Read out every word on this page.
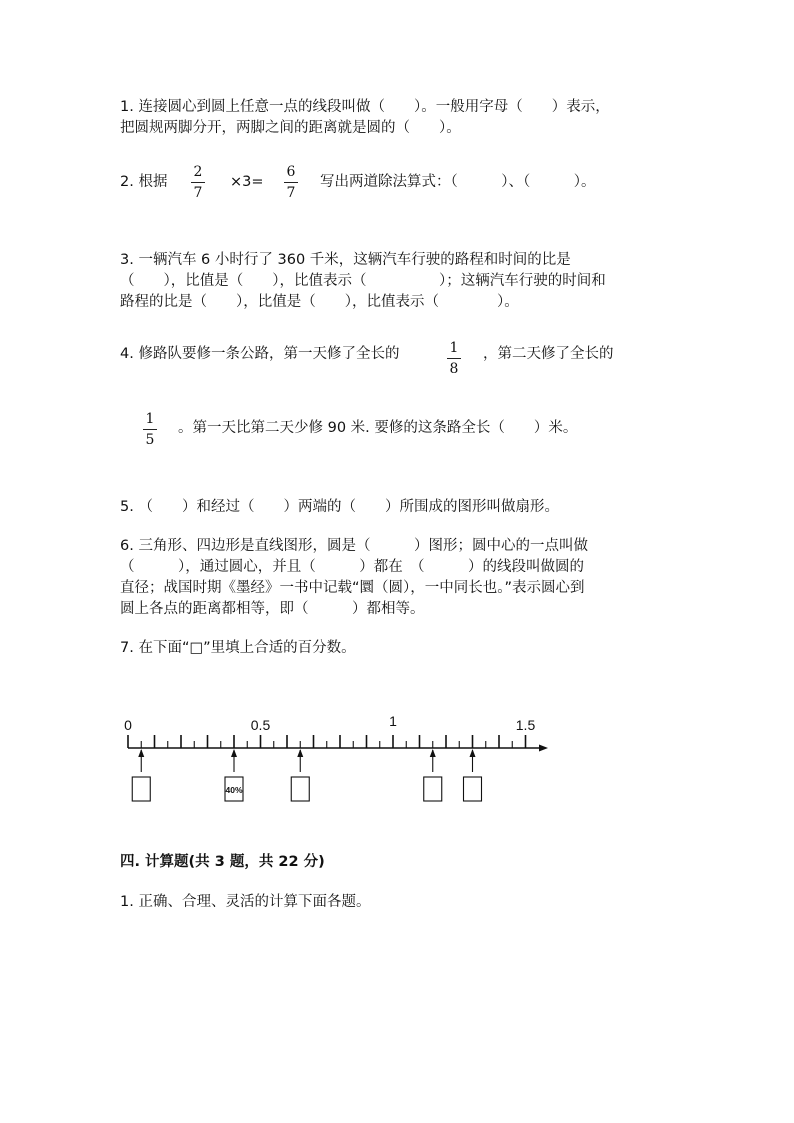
1. 连接圆心到圆上任意一点的线段叫做（　　）。一般用字母（　　）表示，
把圆规两脚分开，两脚之间的距离就是圆的（　　）。
2. 根据
2
7
×3=
6
7
写出两道除法算式：（　　　）、（　　　）。
3. 一辆汽车 6 小时行了 360 千米，这辆汽车行驶的路程和时间的比是
（　　），比值是（　　），比值表示（　　　　　）；这辆汽车行驶的时间和
路程的比是（　　），比值是（　　），比值表示（　　　　）。
4. 修路队要修一条公路，第一天修了全长的	1
8
，第二天修了全长的
1
5
。第一天比第二天少修 90 米. 要修的这条路全长（　　）米。
5. （　　）和经过（　　）两端的（　　）所围成的图形叫做扇形。
6. 三角形、四边形是直线图形，圆是（　　　）图形；圆中心的一点叫做
（　　　），通过圆心，并且（　　　）都在　（　　　）的线段叫做圆的
直径；战国时期《墨经》一书中记载“圜（圆），一中同长也。”表示圆心到
圆上各点的距离都相等，即（　　　）都相等。
7. 在下面“□”里填上合适的百分数。
0	0.5	1	1.5
40%
四. 计算题(共 3 题，共 22 分)
1. 正确、合理、灵活的计算下面各题。
